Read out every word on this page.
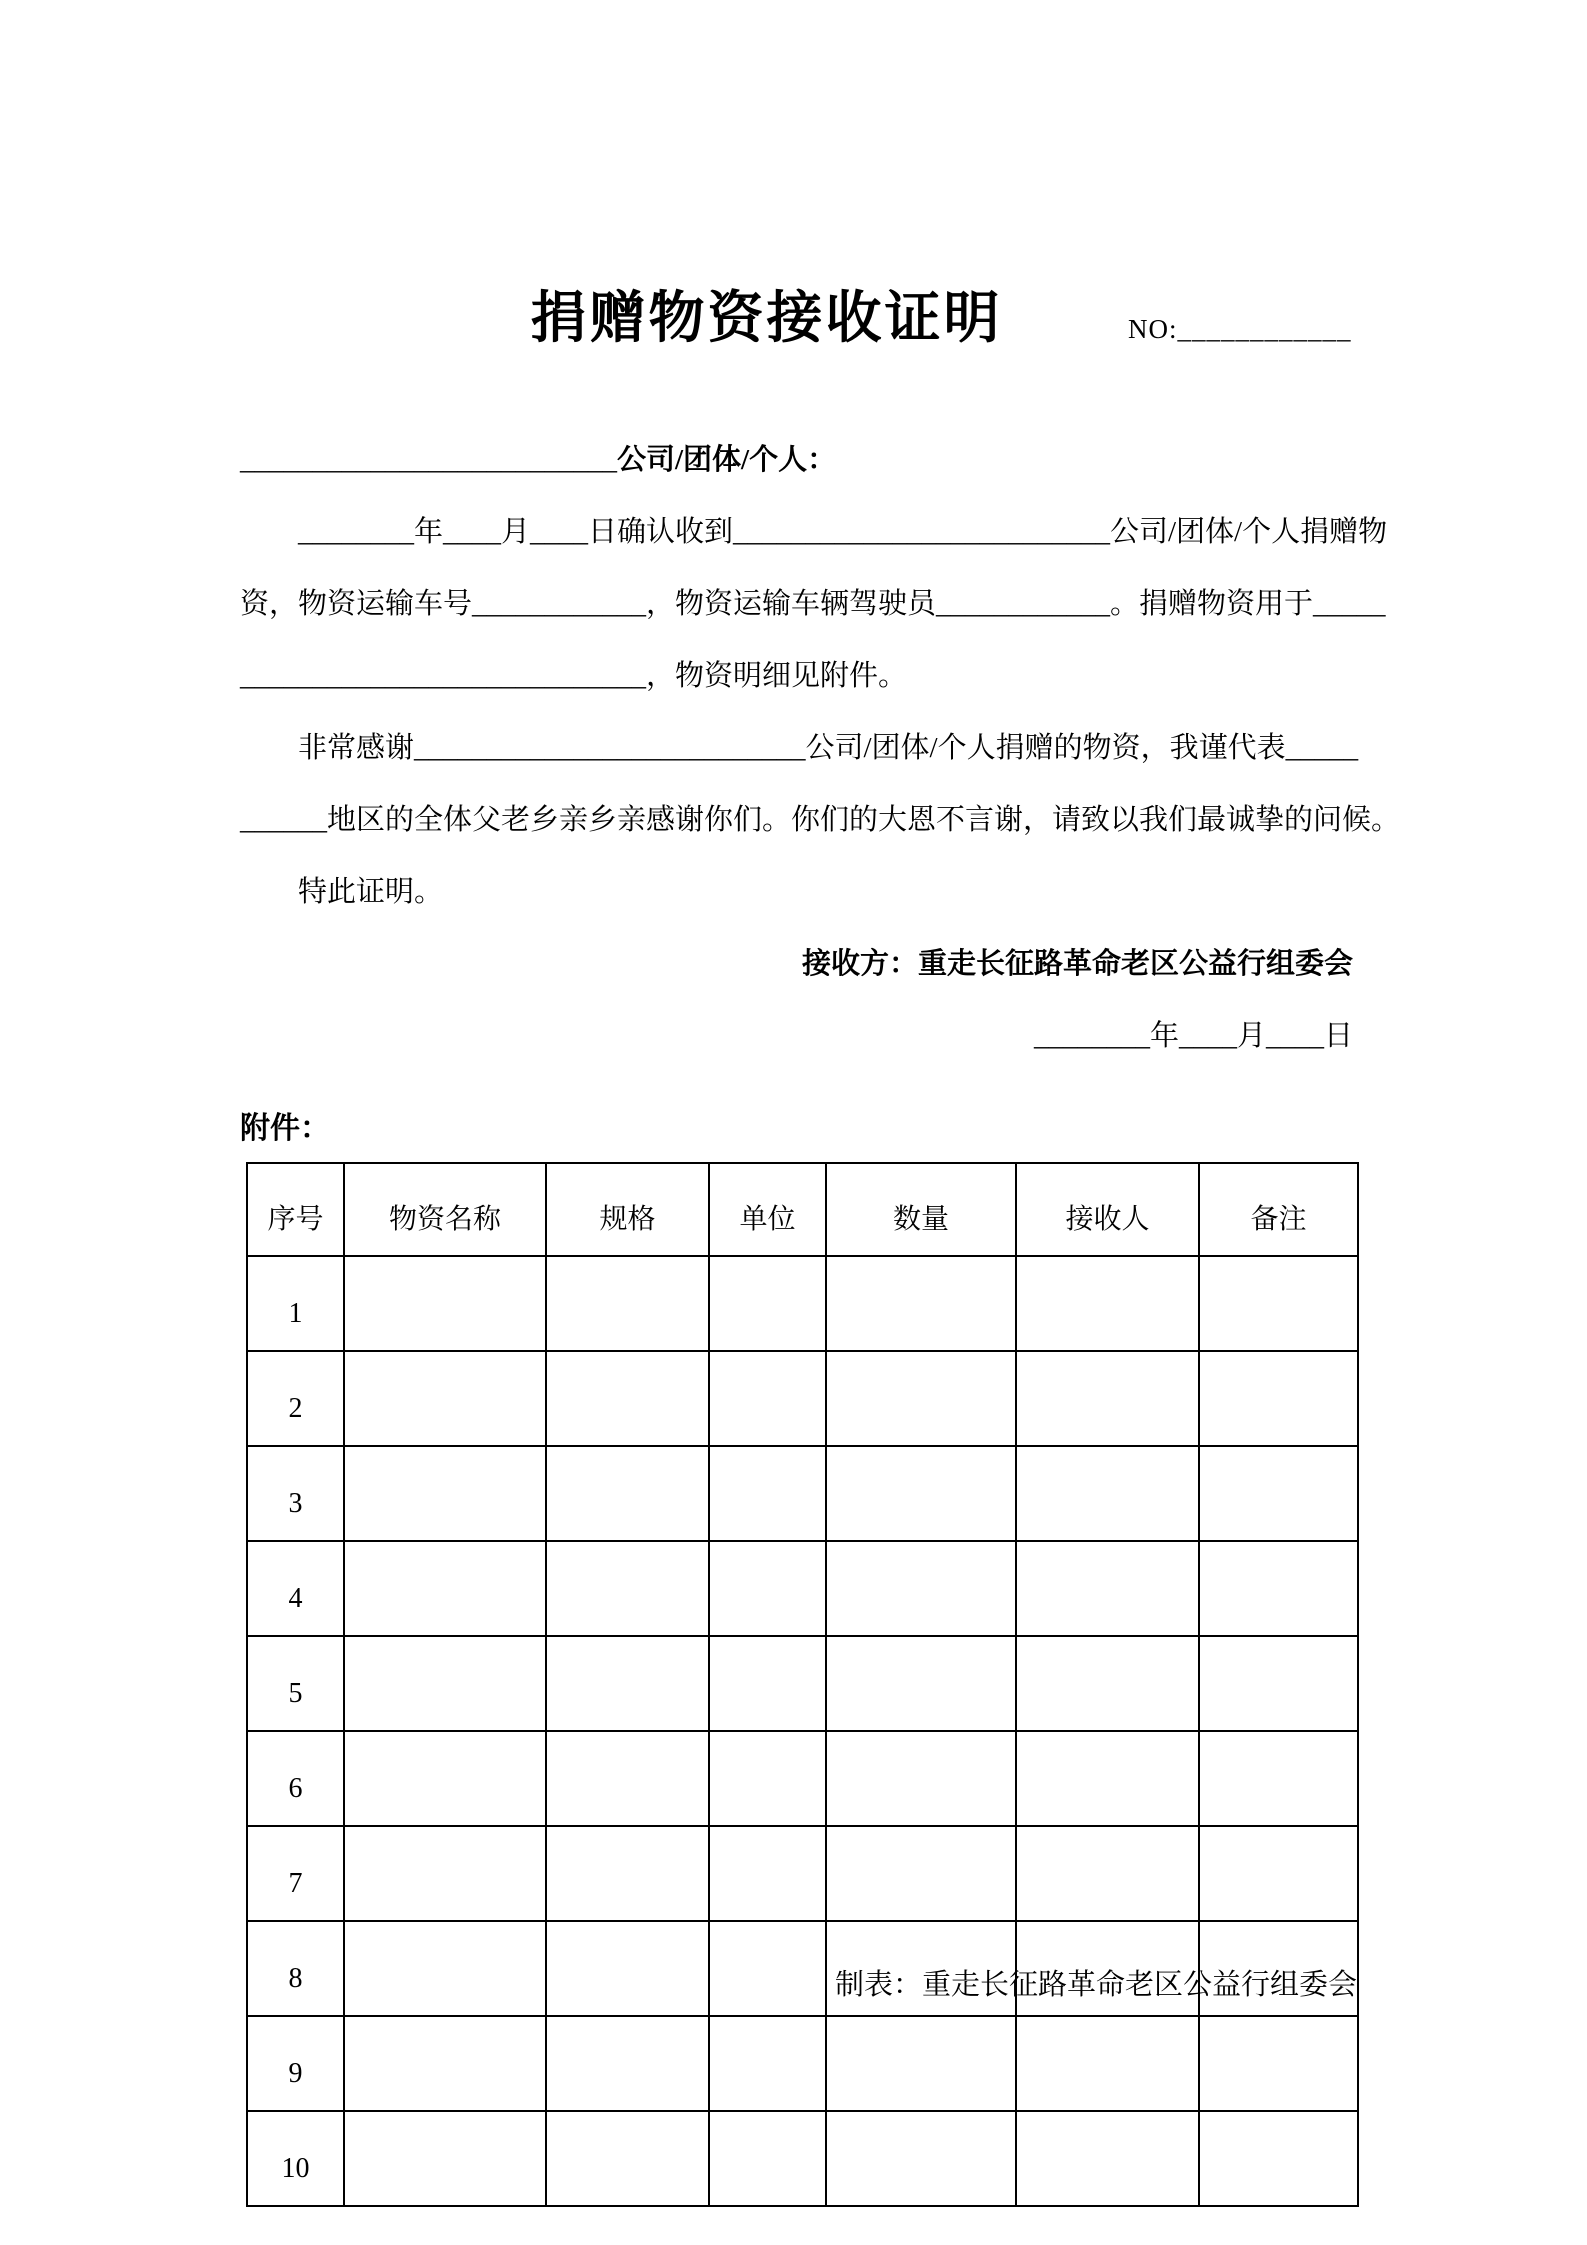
捐赠物资接收证明	NO:____________
__________________________公司/团体/个人：
________年____月____日确认收到__________________________公司/团体/个人捐赠物
资，物资运输车号____________，物资运输车辆驾驶员____________。捐赠物资用于_____
____________________________，物资明细见附件。
非常感谢___________________________公司/团体/个人捐赠的物资，我谨代表_____
______地区的全体父老乡亲乡亲感谢你们。你们的大恩不言谢，请致以我们最诚挚的问候。
特此证明。
接收方：重走长征路革命老区公益行组委会
________年____月____日
附件：
序号	物资名称	规格	单位	数量	接收人	备注
1						
2						
3						
4						
5						
6						
7						
8						
9						
10						
制表：重走长征路革命老区公益行组委会
